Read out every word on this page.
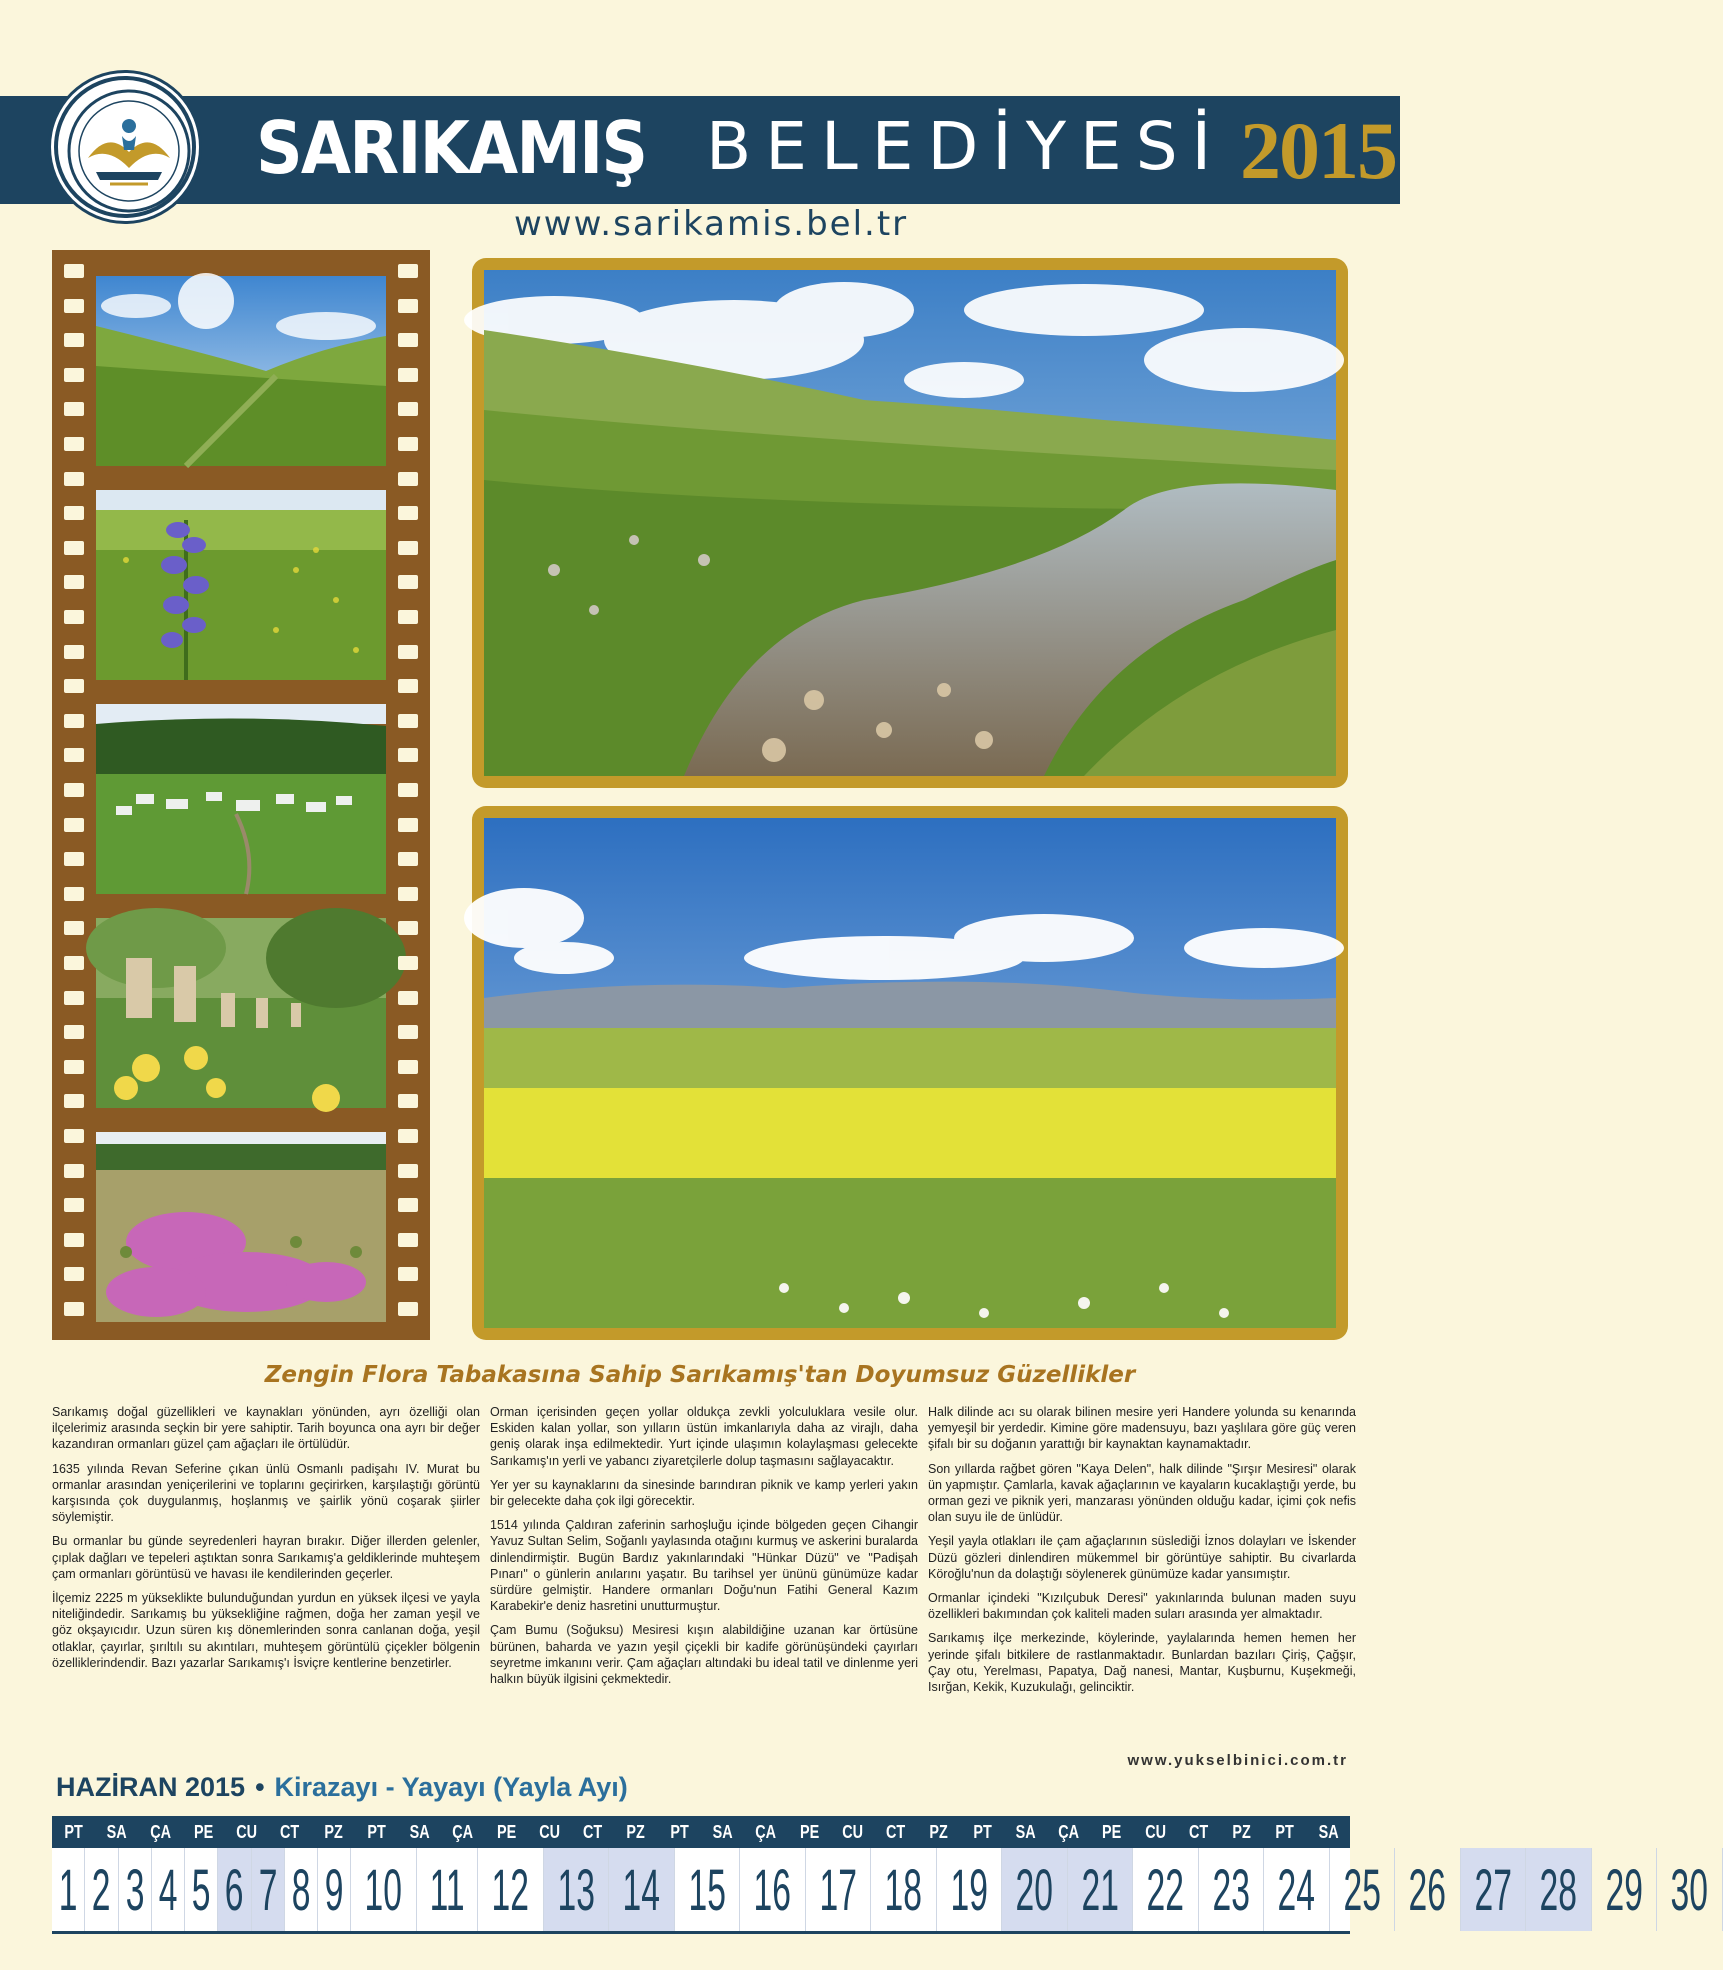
SARIKAMIŞ BELEDİYESİ 2015
www.sarikamis.bel.tr
Zengin Flora Tabakasına Sahip Sarıkamış'tan Doyumsuz Güzellikler

Sarıkamış doğal güzellikleri ve kaynakları yönünden, ayrı özelliği olan ilçelerimiz arasında seçkin bir yere sahiptir. Tarih boyunca ona ayrı bir değer kazandıran ormanları güzel çam ağaçları ile örtülüdür.

1635 yılında Revan Seferine çıkan ünlü Osmanlı padişahı IV. Murat bu ormanlar arasından yeniçerilerini ve toplarını geçirirken, karşılaştığı görüntü karşısında çok duygulanmış, hoşlanmış ve şairlik yönü coşarak şiirler söylemiştir.

Bu ormanlar bu günde seyredenleri hayran bırakır. Diğer illerden gelenler, çıplak dağları ve tepeleri aştıktan sonra Sarıkamış'a geldiklerinde muhteşem çam ormanları görüntüsü ve havası ile kendilerinden geçerler.

İlçemiz 2225 m yükseklikte bulunduğundan yurdun en yüksek ilçesi ve yayla niteliğindedir. Sarıkamış bu yüksekliğine rağmen, doğa her zaman yeşil ve göz okşayıcıdır. Uzun süren kış dönemlerinden sonra canlanan doğa, yeşil otlaklar, çayırlar, şırıltılı su akıntıları, muhteşem görüntülü çiçekler bölgenin özelliklerindendir. Bazı yazarlar Sarıkamış'ı İsviçre kentlerine benzetirler.

Orman içerisinden geçen yollar oldukça zevkli yolculuklara vesile olur. Eskiden kalan yollar, son yılların üstün imkanlarıyla daha az virajlı, daha geniş olarak inşa edilmektedir. Yurt içinde ulaşımın kolaylaşması gelecekte Sarıkamış'ın yerli ve yabancı ziyaretçilerle dolup taşmasını sağlayacaktır.

Yer yer su kaynaklarını da sinesinde barındıran piknik ve kamp yerleri yakın bir gelecekte daha çok ilgi görecektir.

1514 yılında Çaldıran zaferinin sarhoşluğu içinde bölgeden geçen Cihangir Yavuz Sultan Selim, Soğanlı yaylasında otağını kurmuş ve askerini buralarda dinlendirmiştir. Bugün Bardız yakınlarındaki "Hünkar Düzü" ve "Padişah Pınarı" o günlerin anılarını yaşatır. Bu tarihsel yer ününü günümüze kadar sürdüre gelmiştir. Handere ormanları Doğu'nun Fatihi General Kazım Karabekir'e deniz hasretini unutturmuştur.

Çam Bumu (Soğuksu) Mesiresi kışın alabildiğine uzanan kar örtüsüne bürünen, baharda ve yazın yeşil çiçekli bir kadife görünüşündeki çayırları seyretme imkanını verir. Çam ağaçları altındaki bu ideal tatil ve dinlenme yeri halkın büyük ilgisini çekmektedir.

Halk dilinde acı su olarak bilinen mesire yeri Handere yolunda su kenarında yemyeşil bir yerdedir. Kimine göre madensuyu, bazı yaşlılara göre güç veren şifalı bir su doğanın yarattığı bir kaynaktan kaynamaktadır.

Son yıllarda rağbet gören "Kaya Delen", halk dilinde "Şırşır Mesiresi" olarak ün yapmıştır. Çamlarla, kavak ağaçlarının ve kayaların kucaklaştığı yerde, bu orman gezi ve piknik yeri, manzarası yönünden olduğu kadar, içimi çok nefis olan suyu ile de ünlüdür.

Yeşil yayla otlakları ile çam ağaçlarının süslediği İznos dolayları ve İskender Düzü gözleri dinlendiren mükemmel bir görüntüye sahiptir. Bu civarlarda Köroğlu'nun da dolaştığı söylenerek günümüze kadar yansımıştır.

Ormanlar içindeki "Kızılçubuk Deresi" yakınlarında bulunan maden suyu özellikleri bakımından çok kaliteli maden suları arasında yer almaktadır.

Sarıkamış ilçe merkezinde, köylerinde, yaylalarında hemen hemen her yerinde şifalı bitkilere de rastlanmaktadır. Bunlardan bazıları Çiriş, Çağşır, Çay otu, Yerelması, Papatya, Dağ nanesi, Mantar, Kuşburnu, Kuşekmeği, Isırğan, Kekik, Kuzukulağı, gelinciktir.

www.yukselbinici.com.tr
HAZİRAN 2015 • Kirazayı - Yayayı (Yayla Ayı)
PT	SA	ÇA	PE	CU	CT	PZ	PT	SA	ÇA	PE	CU	CT	PZ	PT	SA	ÇA	PE	CU	CT	PZ	PT	SA	ÇA	PE	CU	CT	PZ	PT	SA
1 2 3 4 5 6 7 8 9 10 11 12 13 14 15 16 17 18 19 20 21 22 23 24 25 26 27 28 29 30
